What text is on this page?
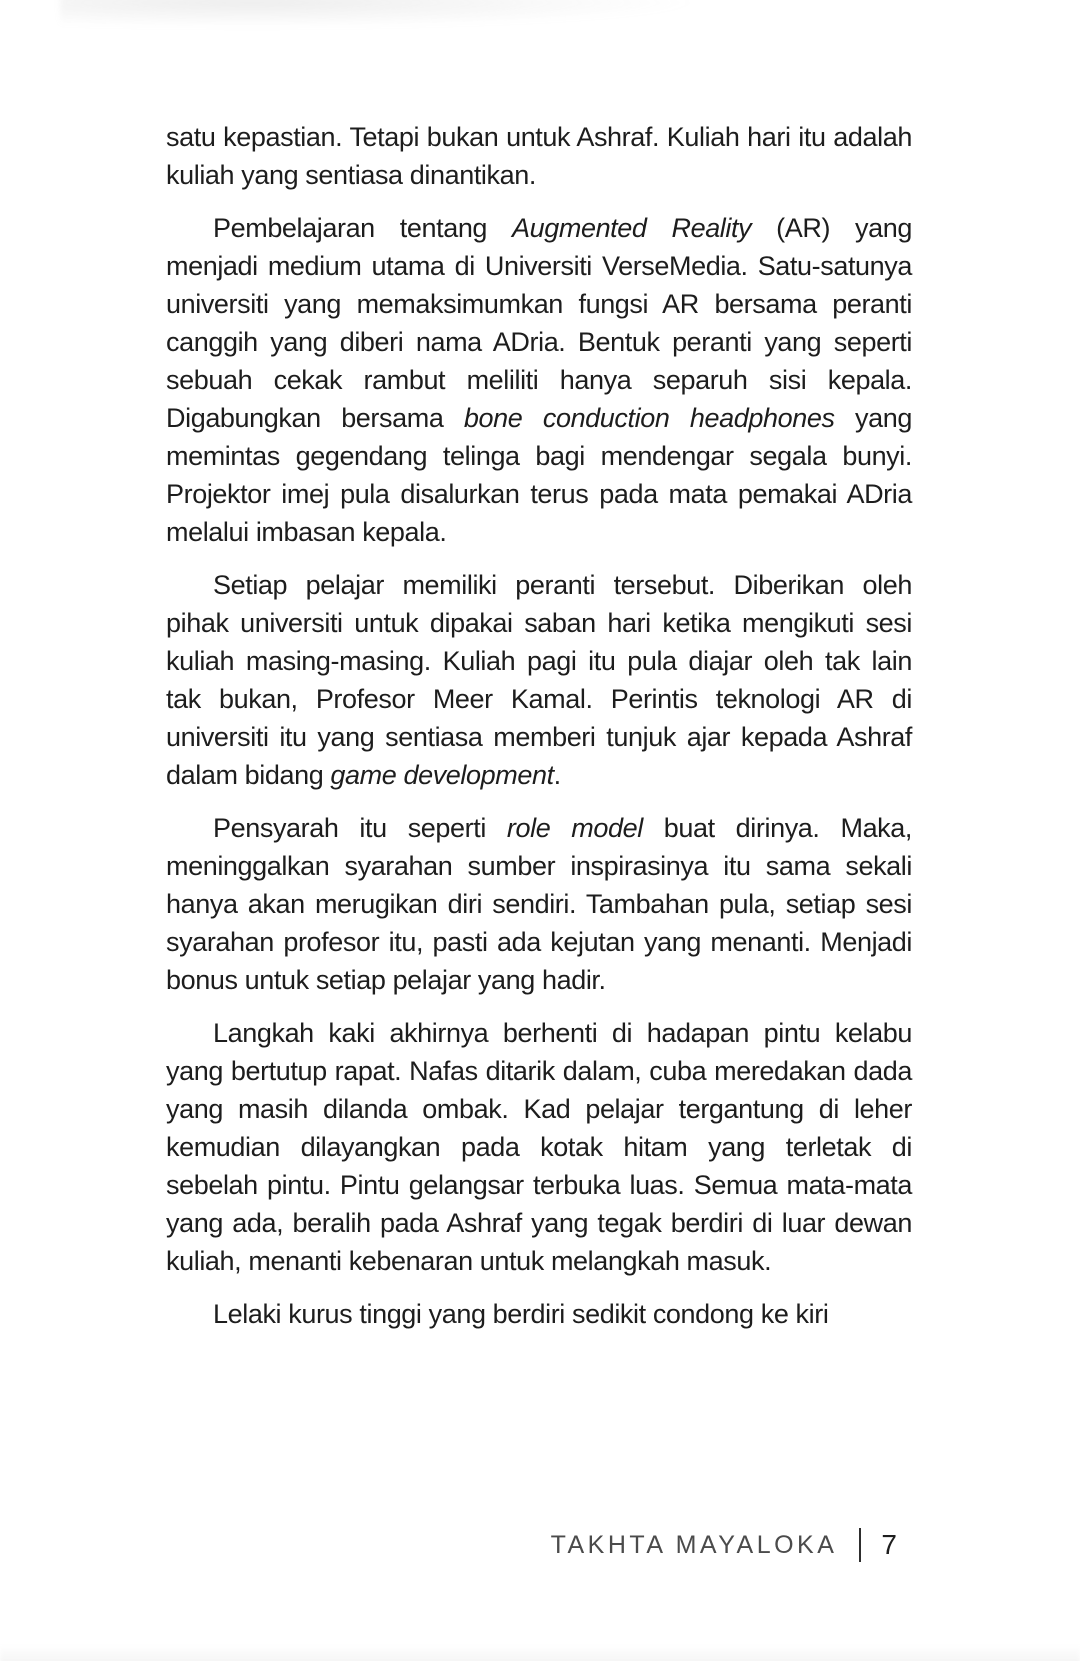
satu kepastian. Tetapi bukan untuk Ashraf. Kuliah hari itu adalah kuliah yang sentiasa dinantikan.

Pembelajaran tentang Augmented Reality (AR) yang menjadi medium utama di Universiti VerseMedia. Satu-satunya universiti yang memaksimumkan fungsi AR bersama peranti canggih yang diberi nama ADria. Bentuk peranti yang seperti sebuah cekak rambut meliliti hanya separuh sisi kepala. Digabungkan bersama bone conduction headphones yang memintas gegendang telinga bagi mendengar segala bunyi. Projektor imej pula disalurkan terus pada mata pemakai ADria melalui imbasan kepala.

Setiap pelajar memiliki peranti tersebut. Diberikan oleh pihak universiti untuk dipakai saban hari ketika mengikuti sesi kuliah masing-masing. Kuliah pagi itu pula diajar oleh tak lain tak bukan, Profesor Meer Kamal. Perintis teknologi AR di universiti itu yang sentiasa memberi tunjuk ajar kepada Ashraf dalam bidang game development.

Pensyarah itu seperti role model buat dirinya. Maka, meninggalkan syarahan sumber inspirasinya itu sama sekali hanya akan merugikan diri sendiri. Tambahan pula, setiap sesi syarahan profesor itu, pasti ada kejutan yang menanti. Menjadi bonus untuk setiap pelajar yang hadir.

Langkah kaki akhirnya berhenti di hadapan pintu kelabu yang bertutup rapat. Nafas ditarik dalam, cuba meredakan dada yang masih dilanda ombak. Kad pelajar tergantung di leher kemudian dilayangkan pada kotak hitam yang terletak di sebelah pintu. Pintu gelangsar terbuka luas. Semua mata-mata yang ada, beralih pada Ashraf yang tegak berdiri di luar dewan kuliah, menanti kebenaran untuk melangkah masuk.

Lelaki kurus tinggi yang berdiri sedikit condong ke kiri

TAKHTA MAYALOKA 7
